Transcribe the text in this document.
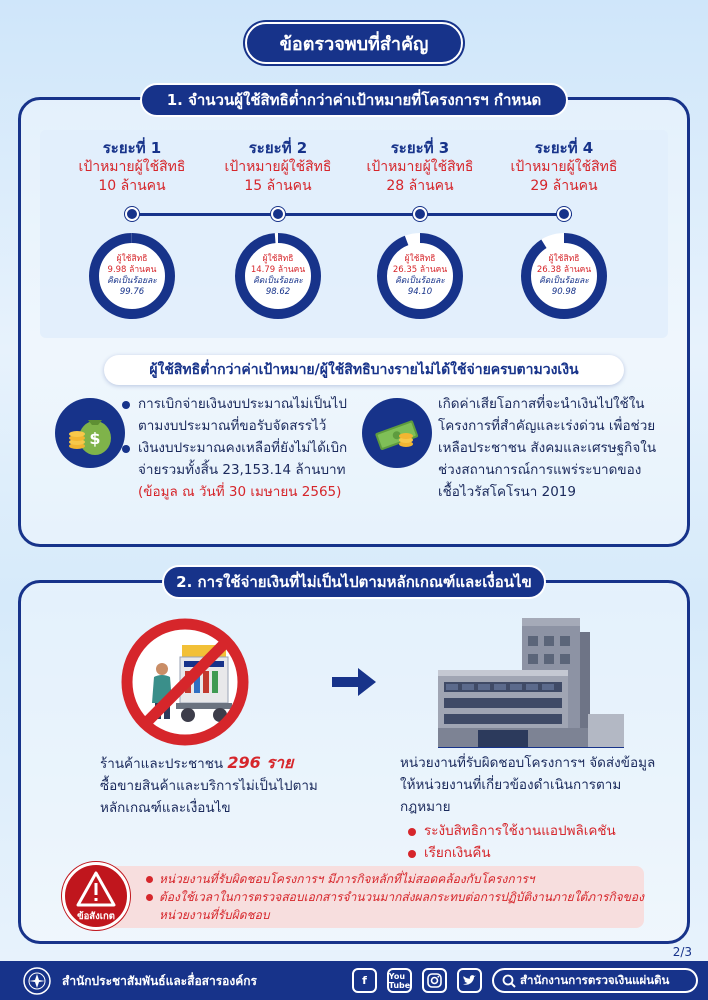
ข้อตรวจพบที่สำคัญ
1. จำนวนผู้ใช้สิทธิต่ำกว่าค่าเป้าหมายที่โครงการฯ กำหนด
ระยะที่ 1
เป้าหมายผู้ใช้สิทธิ
10 ล้านคน
ผู้ใช้สิทธิ
9.98 ล้านคน
คิดเป็นร้อยละ
99.76
ระยะที่ 2
เป้าหมายผู้ใช้สิทธิ
15 ล้านคน
ผู้ใช้สิทธิ
14.79 ล้านคน
คิดเป็นร้อยละ
98.62
ระยะที่ 3
เป้าหมายผู้ใช้สิทธิ
28 ล้านคน
ผู้ใช้สิทธิ
26.35 ล้านคน
คิดเป็นร้อยละ
94.10
ระยะที่ 4
เป้าหมายผู้ใช้สิทธิ
29 ล้านคน
ผู้ใช้สิทธิ
26.38 ล้านคน
คิดเป็นร้อยละ
90.98
ผู้ใช้สิทธิต่ำกว่าค่าเป้าหมาย/ผู้ใช้สิทธิบางรายไม่ได้ใช้จ่ายครบตามวงเงิน
$
การเบิกจ่ายเงินงบประมาณไม่เป็นไปตามงบประมาณที่ขอรับจัดสรรไว้
เงินงบประมาณคงเหลือที่ยังไม่ได้เบิกจ่ายรวมทั้งสิ้น 23,153.14 ล้านบาท
(ข้อมูล ณ วันที่ 30 เมษายน 2565)
เกิดค่าเสียโอกาสที่จะนำเงินไปใช้ในโครงการที่สำคัญและเร่งด่วน เพื่อช่วยเหลือประชาชน สังคมและเศรษฐกิจในช่วงสถานการณ์การแพร่ระบาดของเชื้อไวรัสโคโรนา 2019
2. การใช้จ่ายเงินที่ไม่เป็นไปตามหลักเกณฑ์และเงื่อนไข
ร้านค้าและประชาชน 296 ราย
ซื้อขายสินค้าและบริการไม่เป็นไปตามหลักเกณฑ์และเงื่อนไข
หน่วยงานที่รับผิดชอบโครงการฯ จัดส่งข้อมูลให้หน่วยงานที่เกี่ยวข้องดำเนินการตามกฎหมาย
ระงับสิทธิการใช้งานแอปพลิเคชัน
เรียกเงินคืน
หน่วยงานที่รับผิดชอบโครงการฯ มีภารกิจหลักที่ไม่สอดคล้องกับโครงการฯ
ต้องใช้เวลาในการตรวจสอบเอกสารจำนวนมากส่งผลกระทบต่อการปฏิบัติงานภายใต้ภารกิจของหน่วยงานที่รับผิดชอบ
ข้อสังเกต
2/3
สำนักประชาสัมพันธ์และสื่อสารองค์กร	f	You
Tube	สำนักงานการตรวจเงินแผ่นดิน
